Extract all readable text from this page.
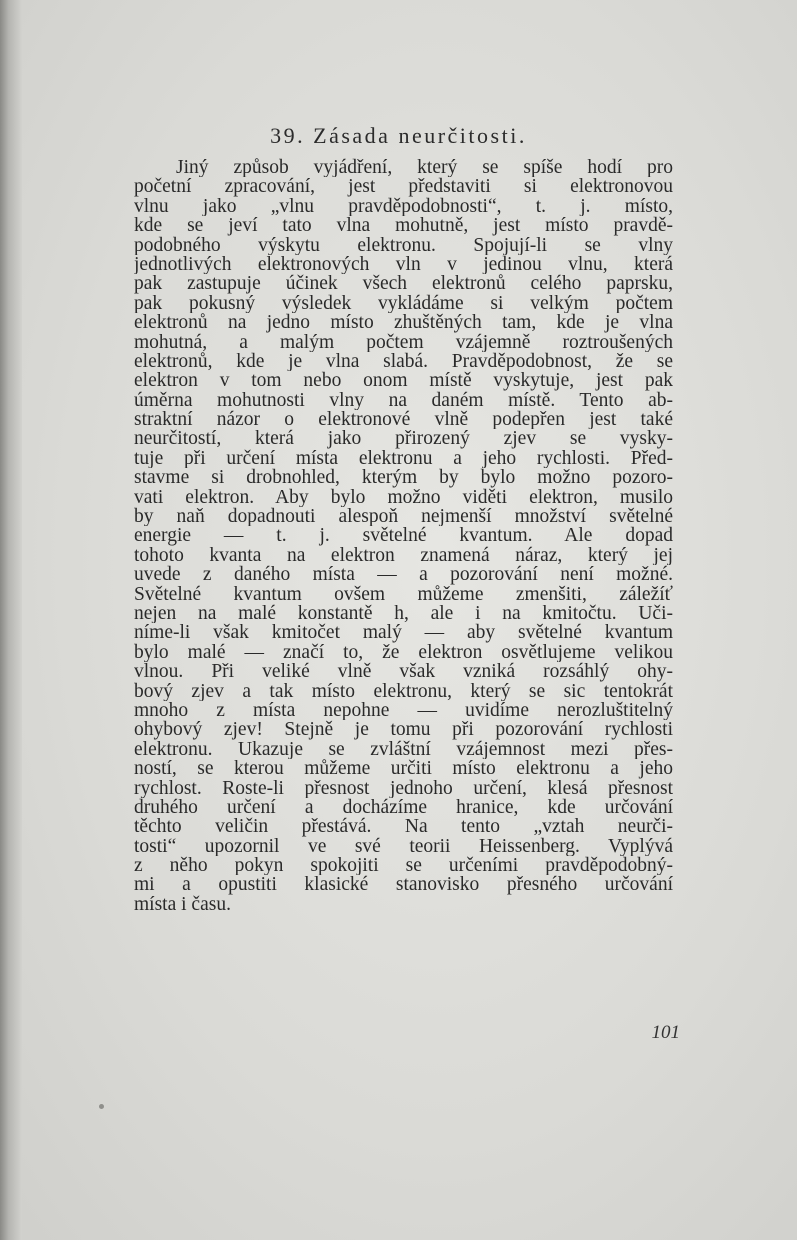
39. Zásada neurčitosti.
Jiný způsob vyjádření, který se spíše hodí pro
početní zpracování, jest představiti si elektronovou
vlnu jako „vlnu pravděpodobnosti“, t. j. místo,
kde se jeví tato vlna mohutně, jest místo pravdě-
podobného výskytu elektronu. Spojují-li se vlny
jednotlivých elektronových vln v jedinou vlnu, která
pak zastupuje účinek všech elektronů celého paprsku,
pak pokusný výsledek vykládáme si velkým počtem
elektronů na jedno místo zhuštěných tam, kde je vlna
mohutná, a malým počtem vzájemně roztroušených
elektronů, kde je vlna slabá. Pravděpodobnost, že se
elektron v tom nebo onom místě vyskytuje, jest pak
úměrna mohutnosti vlny na daném místě. Tento ab-
straktní názor o elektronové vlně podepřen jest také
neurčitostí, která jako přirozený zjev se vysky-
tuje při určení místa elektronu a jeho rychlosti. Před-
stavme si drobnohled, kterým by bylo možno pozoro-
vati elektron. Aby bylo možno viděti elektron, musilo
by naň dopadnouti alespoň nejmenší množství světelné
energie — t. j. světelné kvantum. Ale dopad
tohoto kvanta na elektron znamená náraz, který jej
uvede z daného místa — a pozorování není možné.
Světelné kvantum ovšem můžeme zmenšiti, záležíť
nejen na malé konstantě h, ale i na kmitočtu. Uči-
níme-li však kmitočet malý — aby světelné kvantum
bylo malé — značí to, že elektron osvětlujeme velikou
vlnou. Při veliké vlně však vzniká rozsáhlý ohy-
bový zjev a tak místo elektronu, který se sic tentokrát
mnoho z místa nepohne — uvidíme nerozluštitelný
ohybový zjev! Stejně je tomu při pozorování rychlosti
elektronu. Ukazuje se zvláštní vzájemnost mezi přes-
ností, se kterou můžeme určiti místo elektronu a jeho
rychlost. Roste-li přesnost jednoho určení, klesá přesnost
druhého určení a docházíme hranice, kde určování
těchto veličin přestává. Na tento „vztah neurči-
tosti“ upozornil ve své teorii Heissenberg. Vyplývá
z něho pokyn spokojiti se určeními pravděpodobný-
mi a opustiti klasické stanovisko přesného určování
místa i času.
101
